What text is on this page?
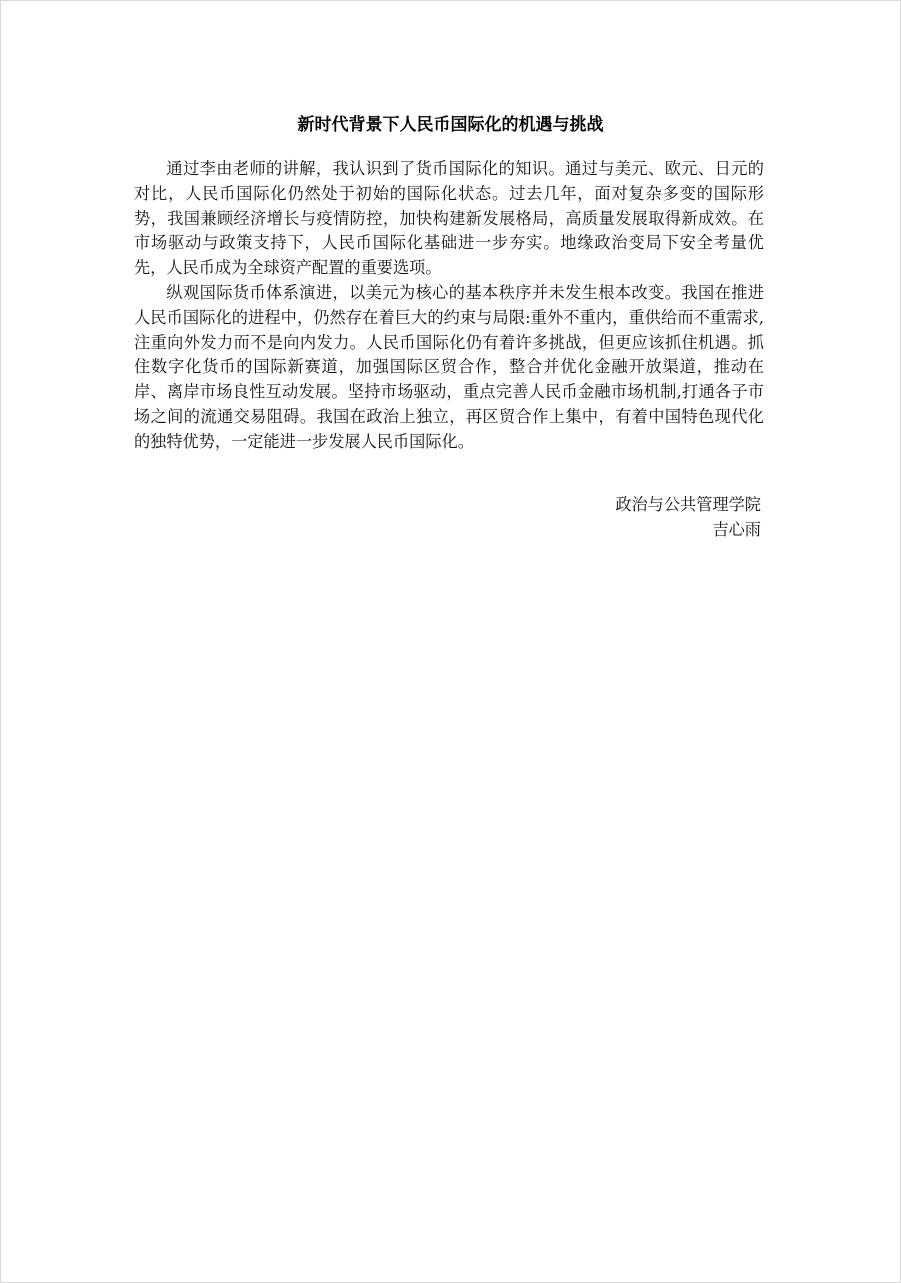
新时代背景下人民币国际化的机遇与挑战

通过李由老师的讲解，我认识到了货币国际化的知识。通过与美元、欧元、日元的对比，人民币国际化仍然处于初始的国际化状态。过去几年，面对复杂多变的国际形势，我国兼顾经济增长与疫情防控，加快构建新发展格局，高质量发展取得新成效。在市场驱动与政策支持下，人民币国际化基础进一步夯实。地缘政治变局下安全考量优先，人民币成为全球资产配置的重要选项。

纵观国际货币体系演进，以美元为核心的基本秩序并未发生根本改变。我国在推进人民币国际化的进程中，仍然存在着巨大的约束与局限:重外不重内，重供给而不重需求,注重向外发力而不是向内发力。人民币国际化仍有着许多挑战，但更应该抓住机遇。抓住数字化货币的国际新赛道，加强国际区贸合作，整合并优化金融开放渠道，推动在岸、离岸市场良性互动发展。坚持市场驱动，重点完善人民币金融市场机制,打通各子市场之间的流通交易阻碍。我国在政治上独立，再区贸合作上集中，有着中国特色现代化的独特优势，一定能进一步发展人民币国际化。

政治与公共管理学院
吉心雨
